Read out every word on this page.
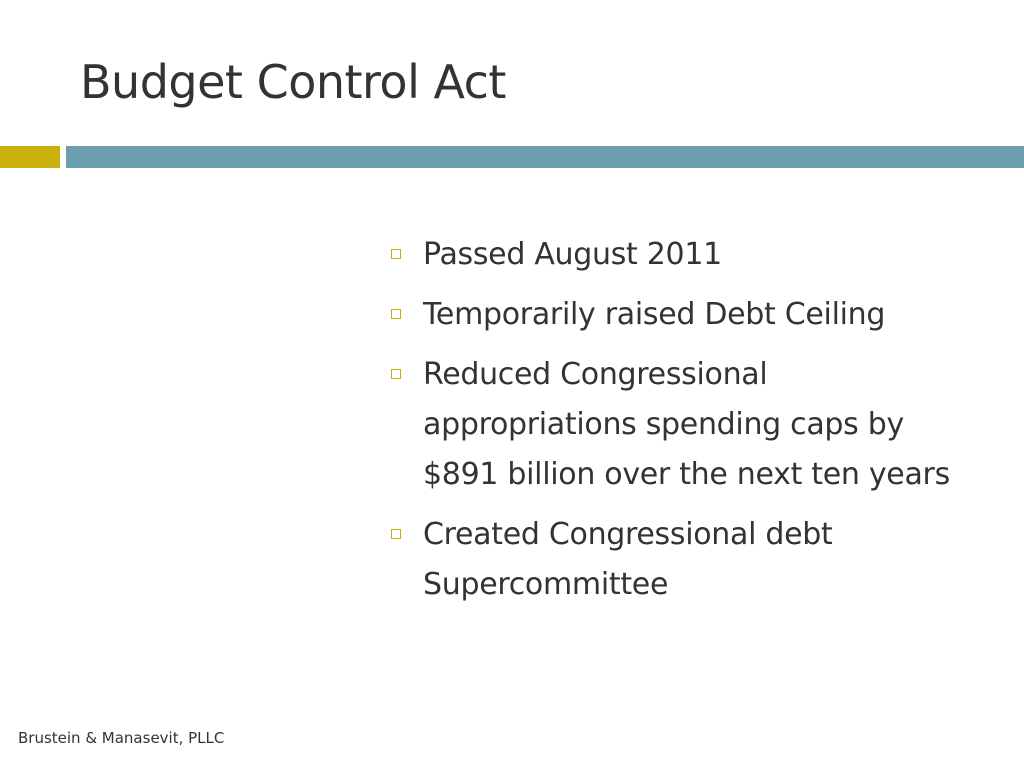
Budget Control Act
Passed August 2011
Temporarily raised Debt Ceiling
Reduced Congressional appropriations spending caps by $891 billion over the next ten years
Created Congressional debt Supercommittee
Brustein & Manasevit, PLLC
